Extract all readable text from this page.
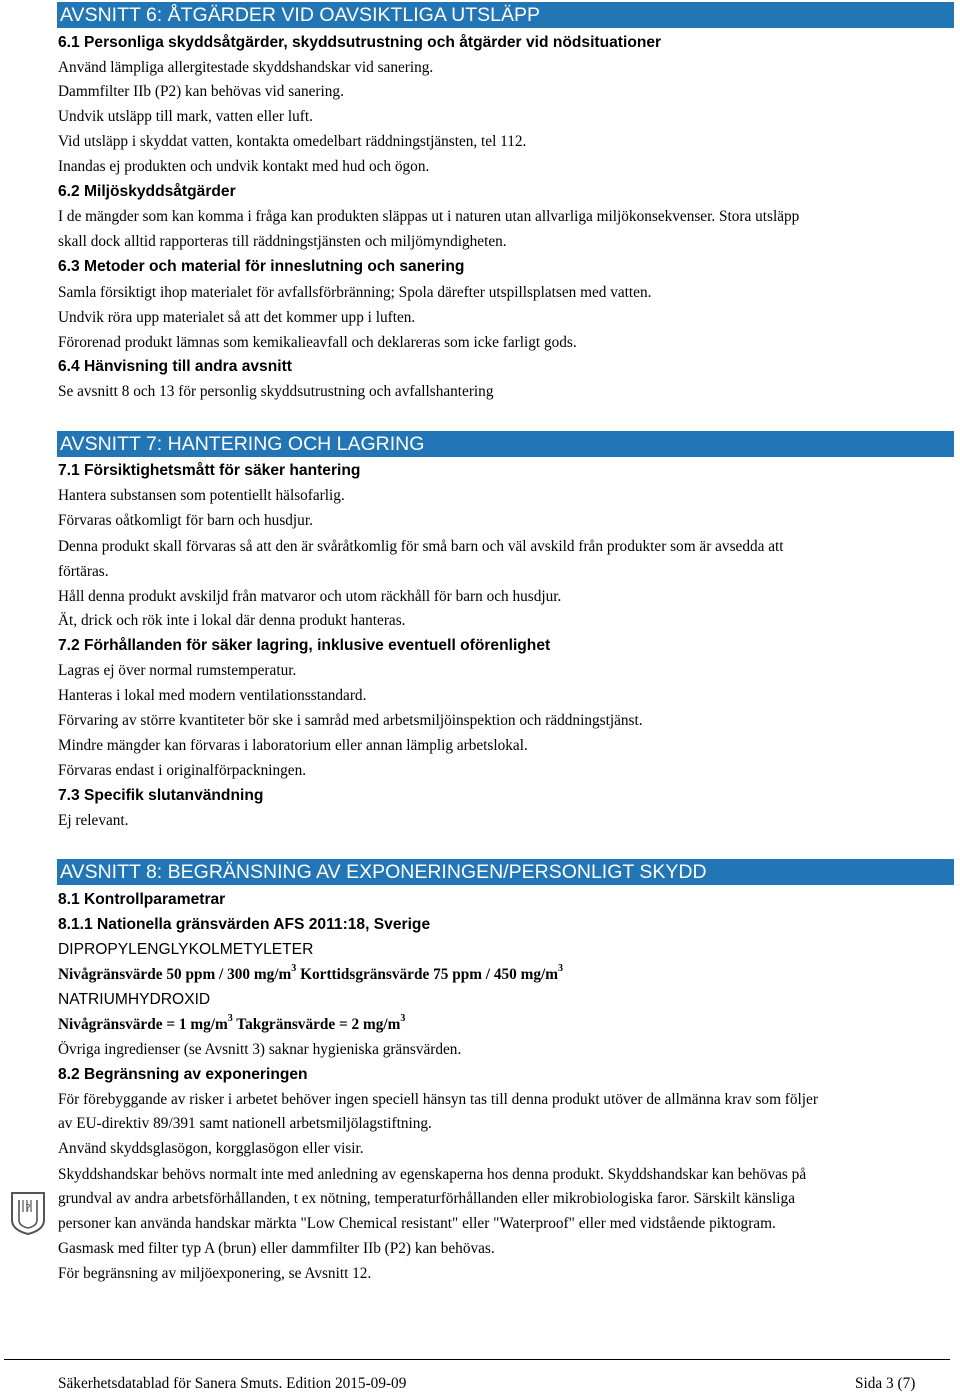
AVSNITT 6: ÅTGÄRDER VID OAVSIKTLIGA UTSLÄPP
6.1 Personliga skyddsåtgärder, skyddsutrustning och åtgärder vid nödsituationer
Använd lämpliga allergitestade skyddshandskar vid sanering.
Dammfilter IIb (P2) kan behövas vid sanering.
Undvik utsläpp till mark, vatten eller luft.
Vid utsläpp i skyddat vatten, kontakta omedelbart räddningstjänsten, tel 112.
Inandas ej produkten och undvik kontakt med hud och ögon.
6.2 Miljöskyddsåtgärder
I de mängder som kan komma i fråga kan produkten släppas ut i naturen utan allvarliga miljökonsekvenser. Stora utsläpp
skall dock alltid rapporteras till räddningstjänsten och miljömyndigheten.
6.3 Metoder och material för inneslutning och sanering
Samla försiktigt ihop materialet för avfallsförbränning; Spola därefter utspillsplatsen med vatten.
Undvik röra upp materialet så att det kommer upp i luften.
Förorenad produkt lämnas som kemikalieavfall och deklareras som icke farligt gods.
6.4 Hänvisning till andra avsnitt
Se avsnitt 8 och 13 för personlig skyddsutrustning och avfallshantering
AVSNITT 7: HANTERING OCH LAGRING
7.1 Försiktighetsmått för säker hantering
Hantera substansen som potentiellt hälsofarlig.
Förvaras oåtkomligt för barn och husdjur.
Denna produkt skall förvaras så att den är svåråtkomlig för små barn och väl avskild från produkter som är avsedda att
förtäras.
Håll denna produkt avskiljd från matvaror och utom räckhåll för barn och husdjur.
Ät, drick och rök inte i lokal där denna produkt hanteras.
7.2 Förhållanden för säker lagring, inklusive eventuell oförenlighet
Lagras ej över normal rumstemperatur.
Hanteras i lokal med modern ventilationsstandard.
Förvaring av större kvantiteter bör ske i samråd med arbetsmiljöinspektion och räddningstjänst.
Mindre mängder kan förvaras i laboratorium eller annan lämplig arbetslokal.
Förvaras endast i originalförpackningen.
7.3 Specifik slutanvändning
Ej relevant.
AVSNITT 8: BEGRÄNSNING AV EXPONERINGEN/PERSONLIGT SKYDD
8.1 Kontrollparametrar
8.1.1 Nationella gränsvärden AFS 2011:18, Sverige
DIPROPYLENGLYKOLMETYLETER
Nivågränsvärde 50 ppm / 300 $mg/m^3$ Korttidsgränsvärde 75 ppm / 450 $mg/m^3$
NATRIUMHYDROXID
Nivågränsvärde = 1 $mg/m^3$ Takgränsvärde = 2 $mg/m^3$
Övriga ingredienser (se Avsnitt 3) saknar hygieniska gränsvärden.
8.2 Begränsning av exponeringen
För förebyggande av risker i arbetet behöver ingen speciell hänsyn tas till denna produkt utöver de allmänna krav som följer
av EU-direktiv 89/391 samt nationell arbetsmiljölagstiftning.
Använd skyddsglasögon, korgglasögon eller visir.
Skyddshandskar behövs normalt inte med anledning av egenskaperna hos denna produkt. Skyddshandskar kan behövas på
grundval av andra arbetsförhållanden, t ex nötning, temperaturförhållanden eller mikrobiologiska faror. Särskilt känsliga
personer kan använda handskar märkta "Low Chemical resistant" eller "Waterproof" eller med vidstående piktogram.
Gasmask med filter typ A (brun) eller dammfilter IIb (P2) kan behövas.
För begränsning av miljöexponering, se Avsnitt 12.
?
Säkerhetsdatablad för Sanera Smuts. Edition 2015-09-09	Sida 3 (7)
